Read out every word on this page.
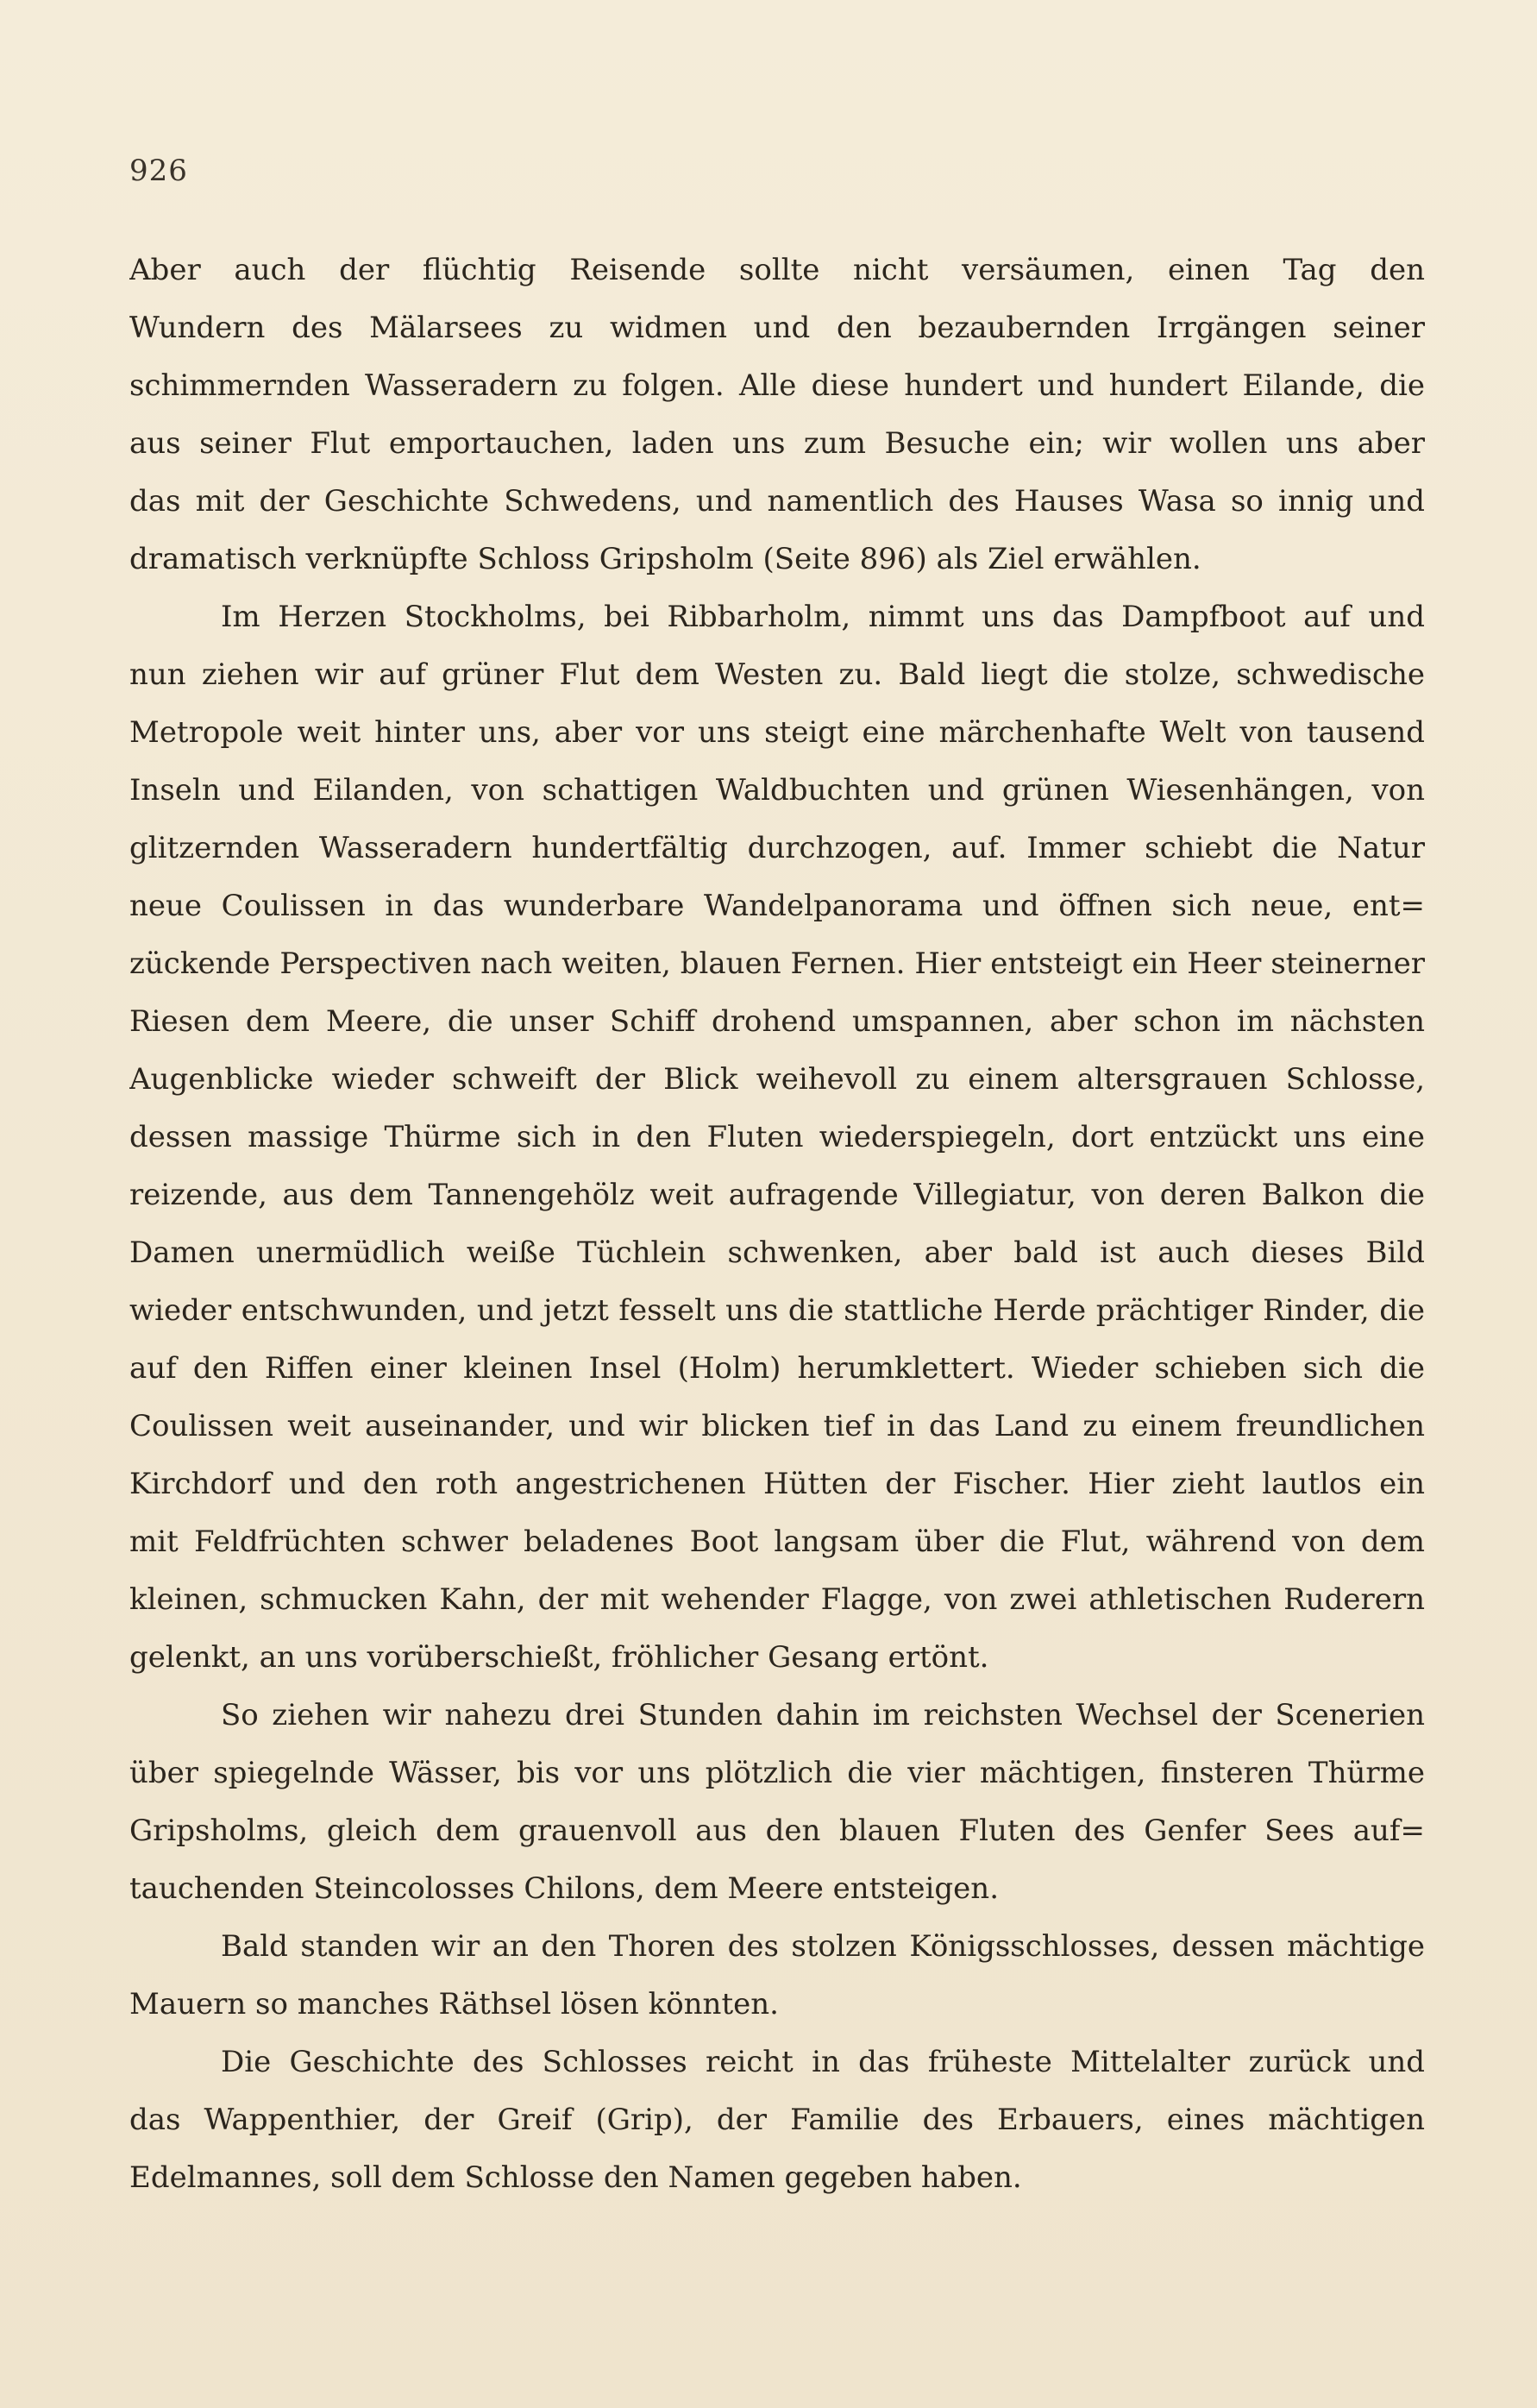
926
Aber auch der flüchtig Reisende sollte nicht versäumen, einen Tag den
Wundern des Mälarsees zu widmen und den bezaubernden Irrgängen seiner
schimmernden Wasseradern zu folgen. Alle diese hundert und hundert Eilande, die
aus seiner Flut emportauchen, laden uns zum Besuche ein; wir wollen uns aber
das mit der Geschichte Schwedens, und namentlich des Hauses Wasa so innig und
dramatisch verknüpfte Schloss Gripsholm (Seite 896) als Ziel erwählen.
Im Herzen Stockholms, bei Ribbarholm, nimmt uns das Dampfboot auf und
nun ziehen wir auf grüner Flut dem Westen zu. Bald liegt die stolze, schwedische
Metropole weit hinter uns, aber vor uns steigt eine märchenhafte Welt von tausend
Inseln und Eilanden, von schattigen Waldbuchten und grünen Wiesenhängen, von
glitzernden Wasseradern hundertfältig durchzogen, auf. Immer schiebt die Natur
neue Coulissen in das wunderbare Wandelpanorama und öffnen sich neue, ent=
zückende Perspectiven nach weiten, blauen Fernen. Hier entsteigt ein Heer steinerner
Riesen dem Meere, die unser Schiff drohend umspannen, aber schon im nächsten
Augenblicke wieder schweift der Blick weihevoll zu einem altersgrauen Schlosse,
dessen massige Thürme sich in den Fluten wiederspiegeln, dort entzückt uns eine
reizende, aus dem Tannengehölz weit aufragende Villegiatur, von deren Balkon die
Damen unermüdlich weiße Tüchlein schwenken, aber bald ist auch dieses Bild
wieder entschwunden, und jetzt fesselt uns die stattliche Herde prächtiger Rinder, die
auf den Riffen einer kleinen Insel (Holm) herumklettert. Wieder schieben sich die
Coulissen weit auseinander, und wir blicken tief in das Land zu einem freundlichen
Kirchdorf und den roth angestrichenen Hütten der Fischer. Hier zieht lautlos ein
mit Feldfrüchten schwer beladenes Boot langsam über die Flut, während von dem
kleinen, schmucken Kahn, der mit wehender Flagge, von zwei athletischen Ruderern
gelenkt, an uns vorüberschießt, fröhlicher Gesang ertönt.
So ziehen wir nahezu drei Stunden dahin im reichsten Wechsel der Scenerien
über spiegelnde Wässer, bis vor uns plötzlich die vier mächtigen, finsteren Thürme
Gripsholms, gleich dem grauenvoll aus den blauen Fluten des Genfer Sees auf=
tauchenden Steincolosses Chilons, dem Meere entsteigen.
Bald standen wir an den Thoren des stolzen Königsschlosses, dessen mächtige
Mauern so manches Räthsel lösen könnten.
Die Geschichte des Schlosses reicht in das früheste Mittelalter zurück und
das Wappenthier, der Greif (Grip), der Familie des Erbauers, eines mächtigen
Edelmannes, soll dem Schlosse den Namen gegeben haben.
